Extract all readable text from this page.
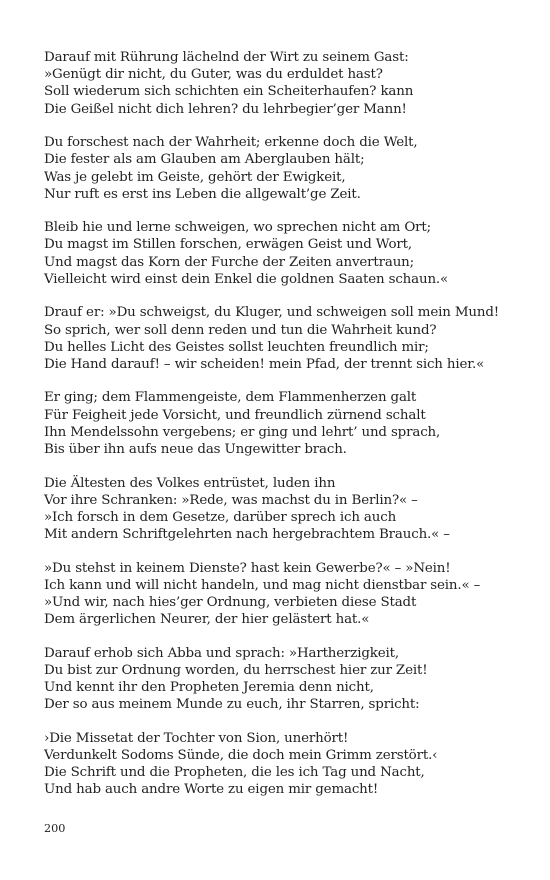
Darauf mit Rührung lächelnd der Wirt zu seinem Gast:
»Genügt dir nicht, du Guter, was du erduldet hast?
Soll wiederum sich schichten ein Scheiterhaufen? kann
Die Geißel nicht dich lehren? du lehrbegier’ger Mann!
Du forschest nach der Wahrheit; erkenne doch die Welt,
Die fester als am Glauben am Aberglauben hält;
Was je gelebt im Geiste, gehört der Ewigkeit,
Nur ruft es erst ins Leben die allgewalt’ge Zeit.
Bleib hie und lerne schweigen, wo sprechen nicht am Ort;
Du magst im Stillen forschen, erwägen Geist und Wort,
Und magst das Korn der Furche der Zeiten anvertraun;
Vielleicht wird einst dein Enkel die goldnen Saaten schaun.«
Drauf er: »Du schweigst, du Kluger, und schweigen soll mein Mund!
So sprich, wer soll denn reden und tun die Wahrheit kund?
Du helles Licht des Geistes sollst leuchten freundlich mir;
Die Hand darauf! – wir scheiden! mein Pfad, der trennt sich hier.«
Er ging; dem Flammengeiste, dem Flammenherzen galt
Für Feigheit jede Vorsicht, und freundlich zürnend schalt
Ihn Mendelssohn vergebens; er ging und lehrt’ und sprach,
Bis über ihn aufs neue das Ungewitter brach.
Die Ältesten des Volkes entrüstet, luden ihn
Vor ihre Schranken: »Rede, was machst du in Berlin?« –
»Ich forsch in dem Gesetze, darüber sprech ich auch
Mit andern Schriftgelehrten nach hergebrachtem Brauch.« –
»Du stehst in keinem Dienste? hast kein Gewerbe?« – »Nein!
Ich kann und will nicht handeln, und mag nicht dienstbar sein.« –
»Und wir, nach hies’ger Ordnung, verbieten diese Stadt
Dem ärgerlichen Neurer, der hier gelästert hat.«
Darauf erhob sich Abba und sprach: »Hartherzigkeit,
Du bist zur Ordnung worden, du herrschest hier zur Zeit!
Und kennt ihr den Propheten Jeremia denn nicht,
Der so aus meinem Munde zu euch, ihr Starren, spricht:
›Die Missetat der Tochter von Sion, unerhört!
Verdunkelt Sodoms Sünde, die doch mein Grimm zerstört.‹
Die Schrift und die Propheten, die les ich Tag und Nacht,
Und hab auch andre Worte zu eigen mir gemacht!
200
